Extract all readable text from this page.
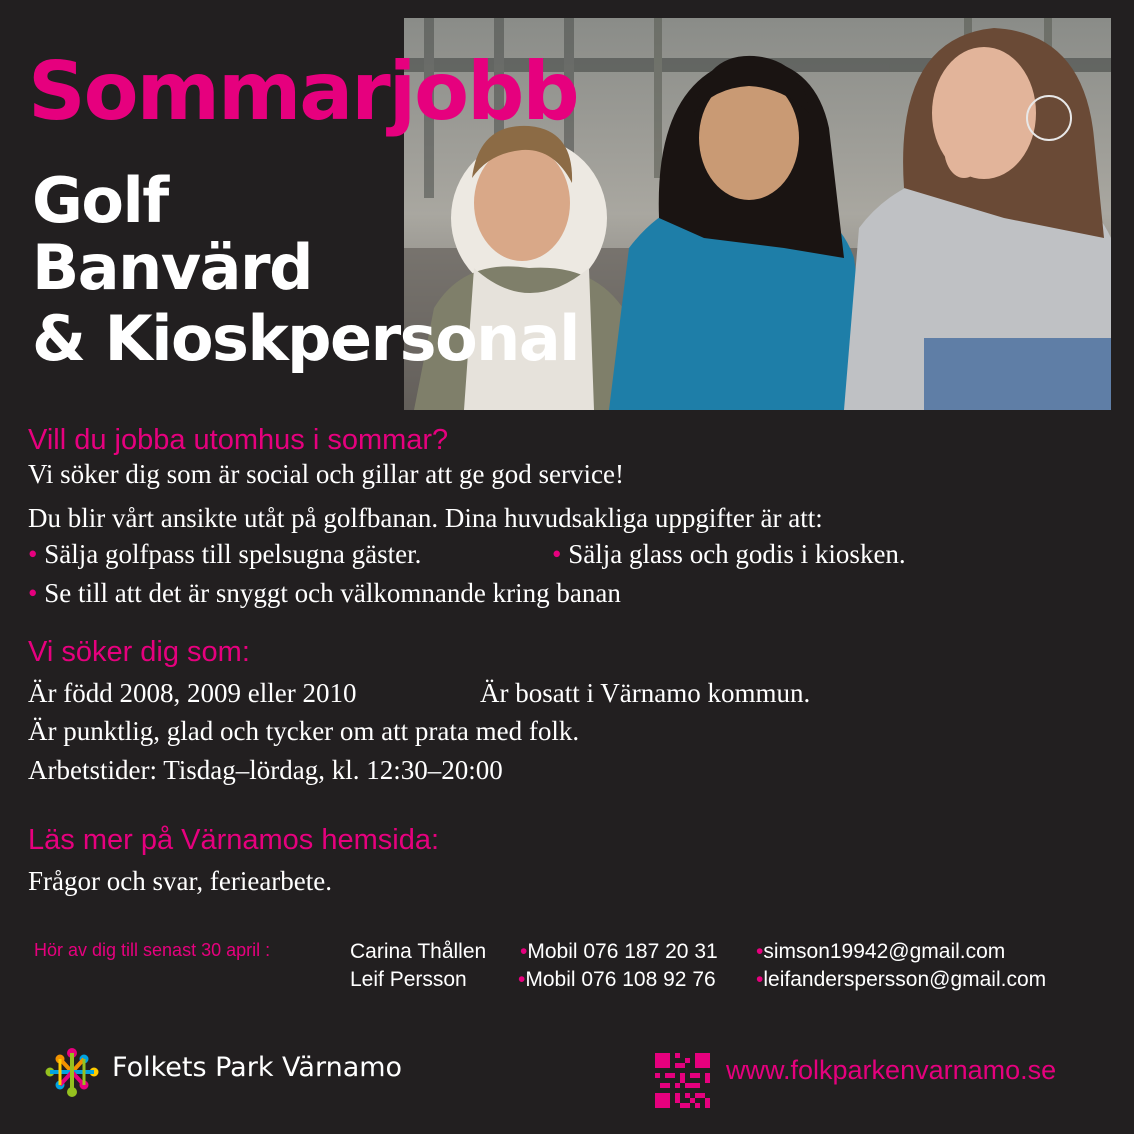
Sommarjobb
Golf
Banvärd
& Kioskpersonal
Vill du jobba utomhus i sommar?
Vi söker dig som är social och gillar att ge god service!
Du blir vårt ansikte utåt på golfbanan. Dina huvudsakliga uppgifter är att:
• Sälja golfpass till spelsugna gäster.	• Sälja glass och godis i kiosken.
• Se till att det är snyggt och välkomnande kring banan
Vi söker dig som:
Är född 2008, 2009 eller 2010	Är bosatt i Värnamo kommun.
Är punktlig, glad och tycker om att prata med folk.
Arbetstider: Tisdag–lördag, kl. 12:30–20:00
Läs mer på Värnamos hemsida:
Frågor och svar, feriearbete.
Hör av dig till senast 30 april :	Carina Thållen •Mobil 076 187 20 31 •simson19942@gmail.com
Leif Persson •Mobil 076 108 92 76 •leifanderspersson@gmail.com
Folkets Park Värnamo	www.folkparkenvarnamo.se
